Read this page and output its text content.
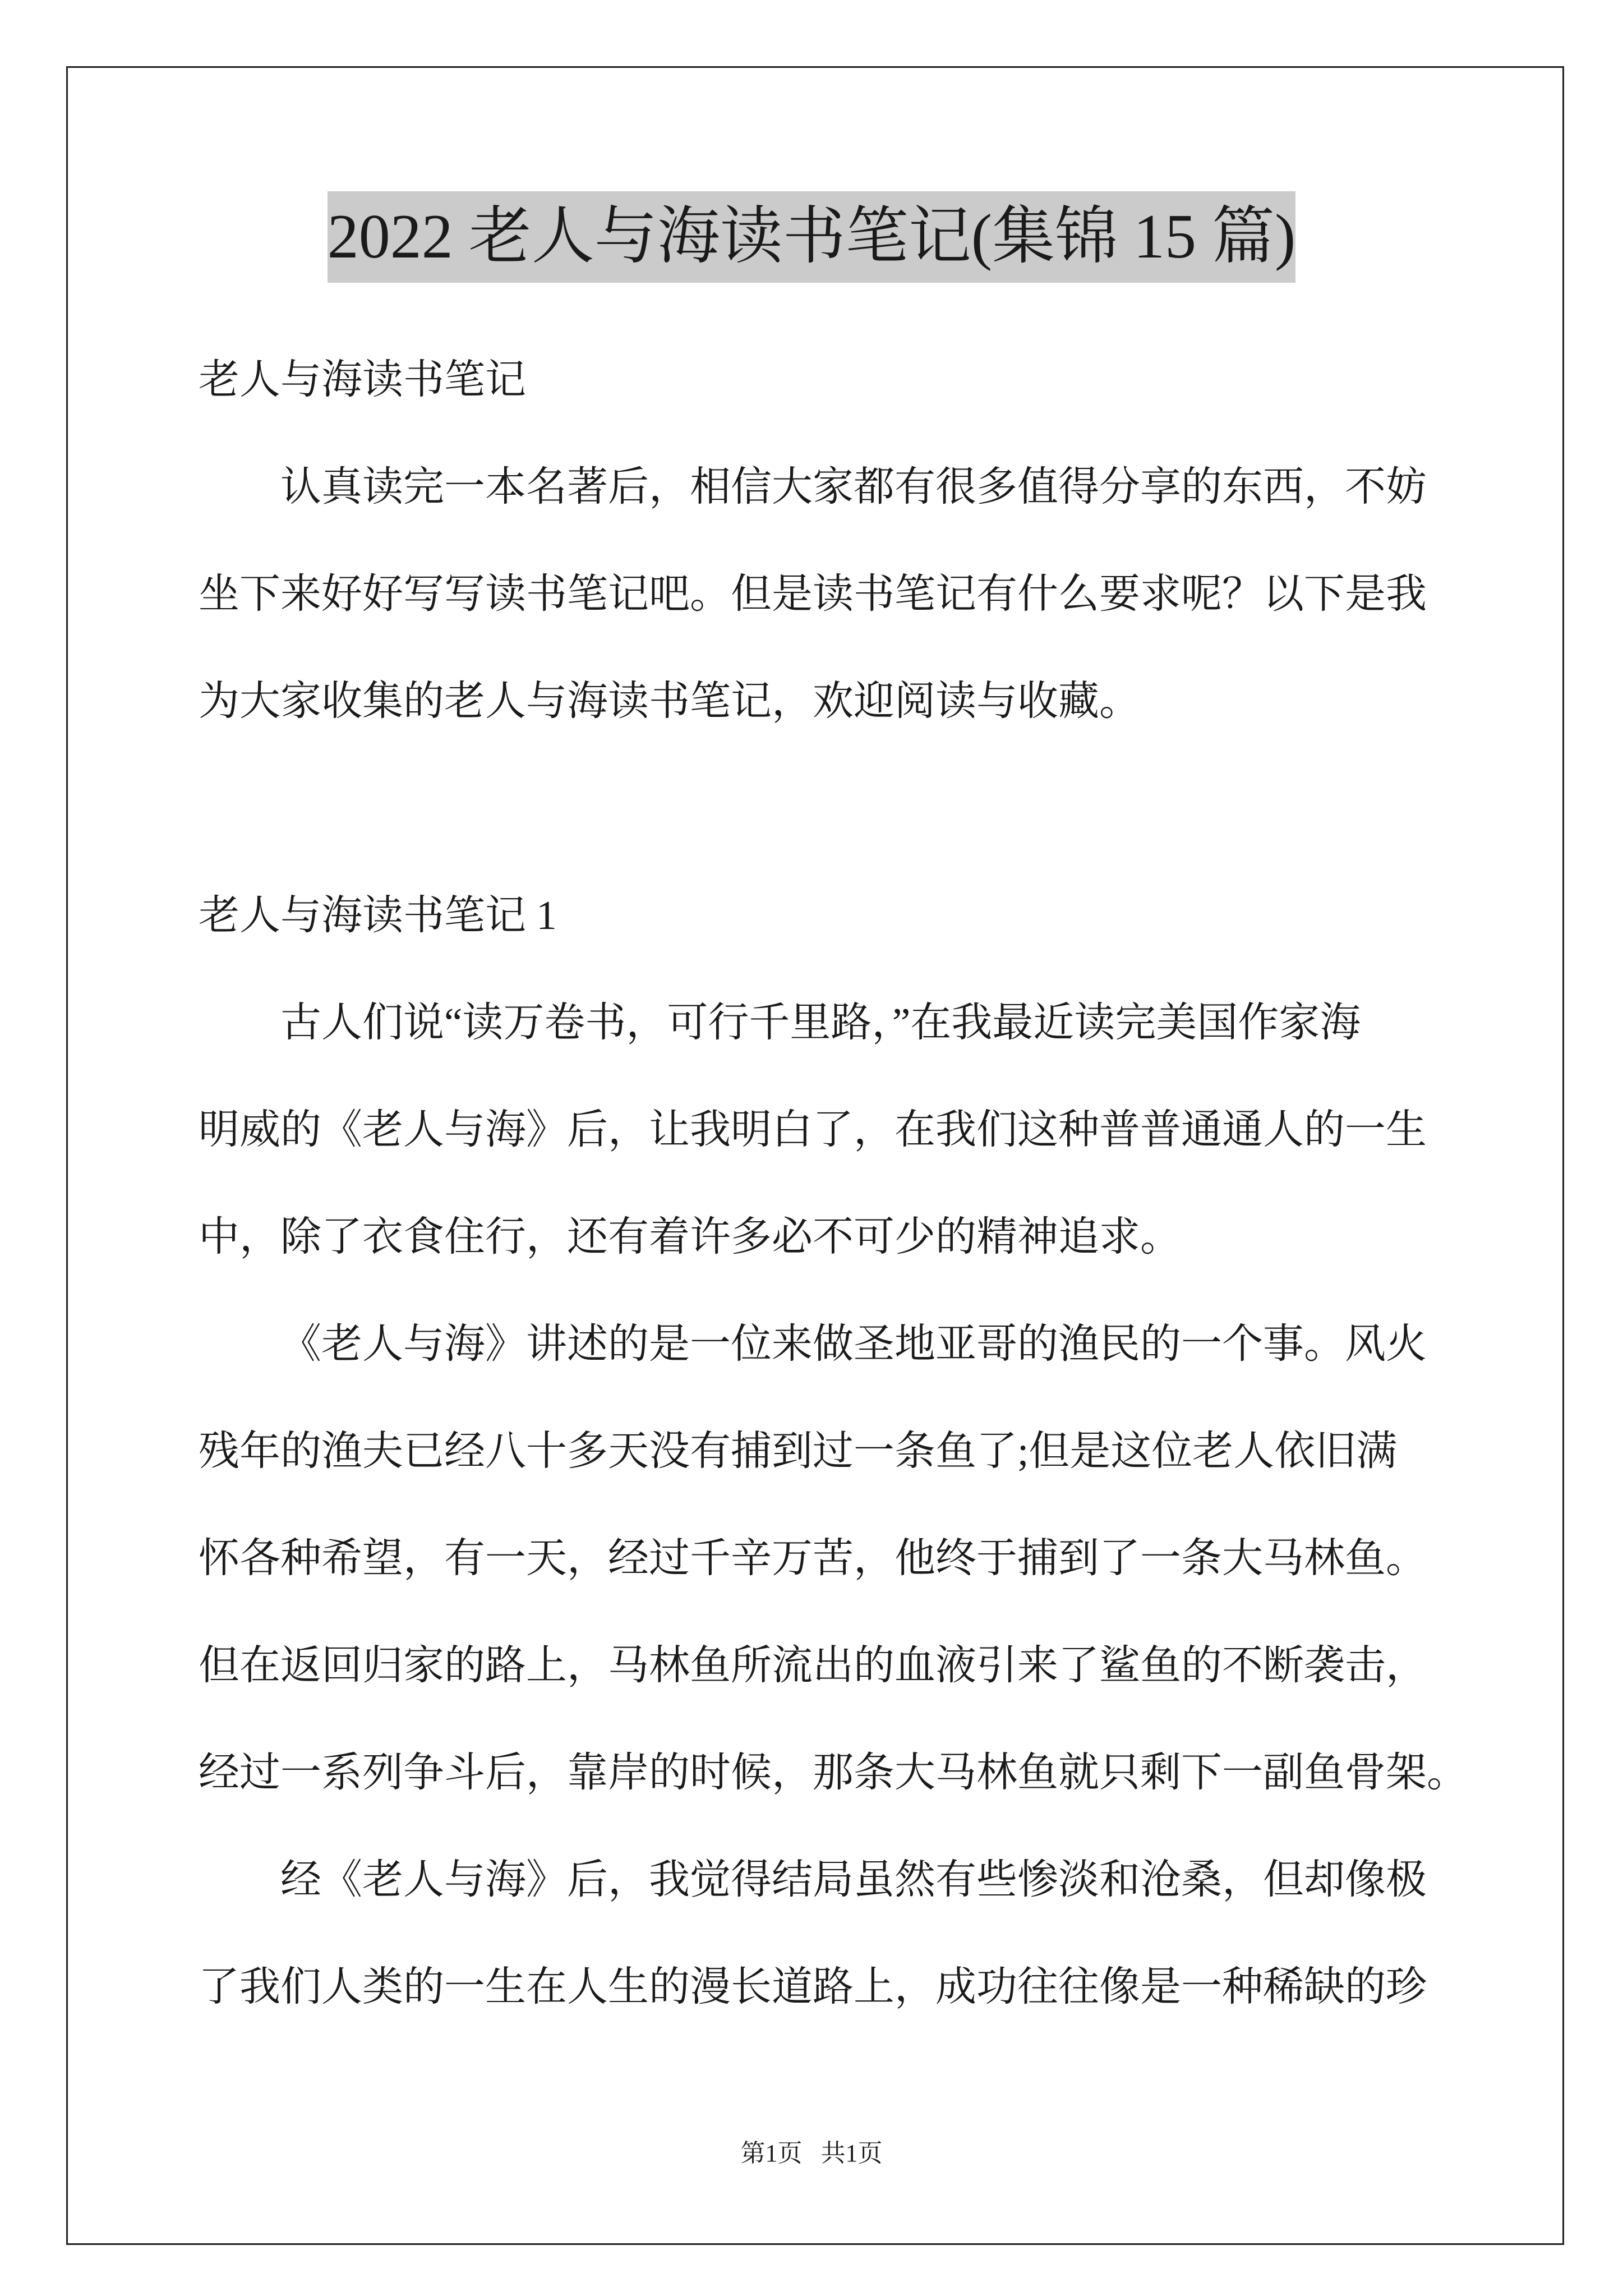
2022 老人与海读书笔记(集锦 15 篇)
老人与海读书笔记
认真读完一本名著后，相信大家都有很多值得分享的东西，不妨
坐下来好好写写读书笔记吧。但是读书笔记有什么要求呢？以下是我
为大家收集的老人与海读书笔记，欢迎阅读与收藏。
老人与海读书笔记 1
古人们说“读万卷书，可行千里路，”在我最近读完美国作家海
明威的《老人与海》后，让我明白了，在我们这种普普通通人的一生
中，除了衣食住行，还有着许多必不可少的精神追求。
《老人与海》讲述的是一位来做圣地亚哥的渔民的一个事。风火
残年的渔夫已经八十多天没有捕到过一条鱼了;但是这位老人依旧满
怀各种希望，有一天，经过千辛万苦，他终于捕到了一条大马林鱼。
但在返回归家的路上，马林鱼所流出的血液引来了鲨鱼的不断袭击，
经过一系列争斗后，靠岸的时候，那条大马林鱼就只剩下一副鱼骨架。
经《老人与海》后，我觉得结局虽然有些惨淡和沧桑，但却像极
了我们人类的一生在人生的漫长道路上，成功往往像是一种稀缺的珍
第1页   共1页
